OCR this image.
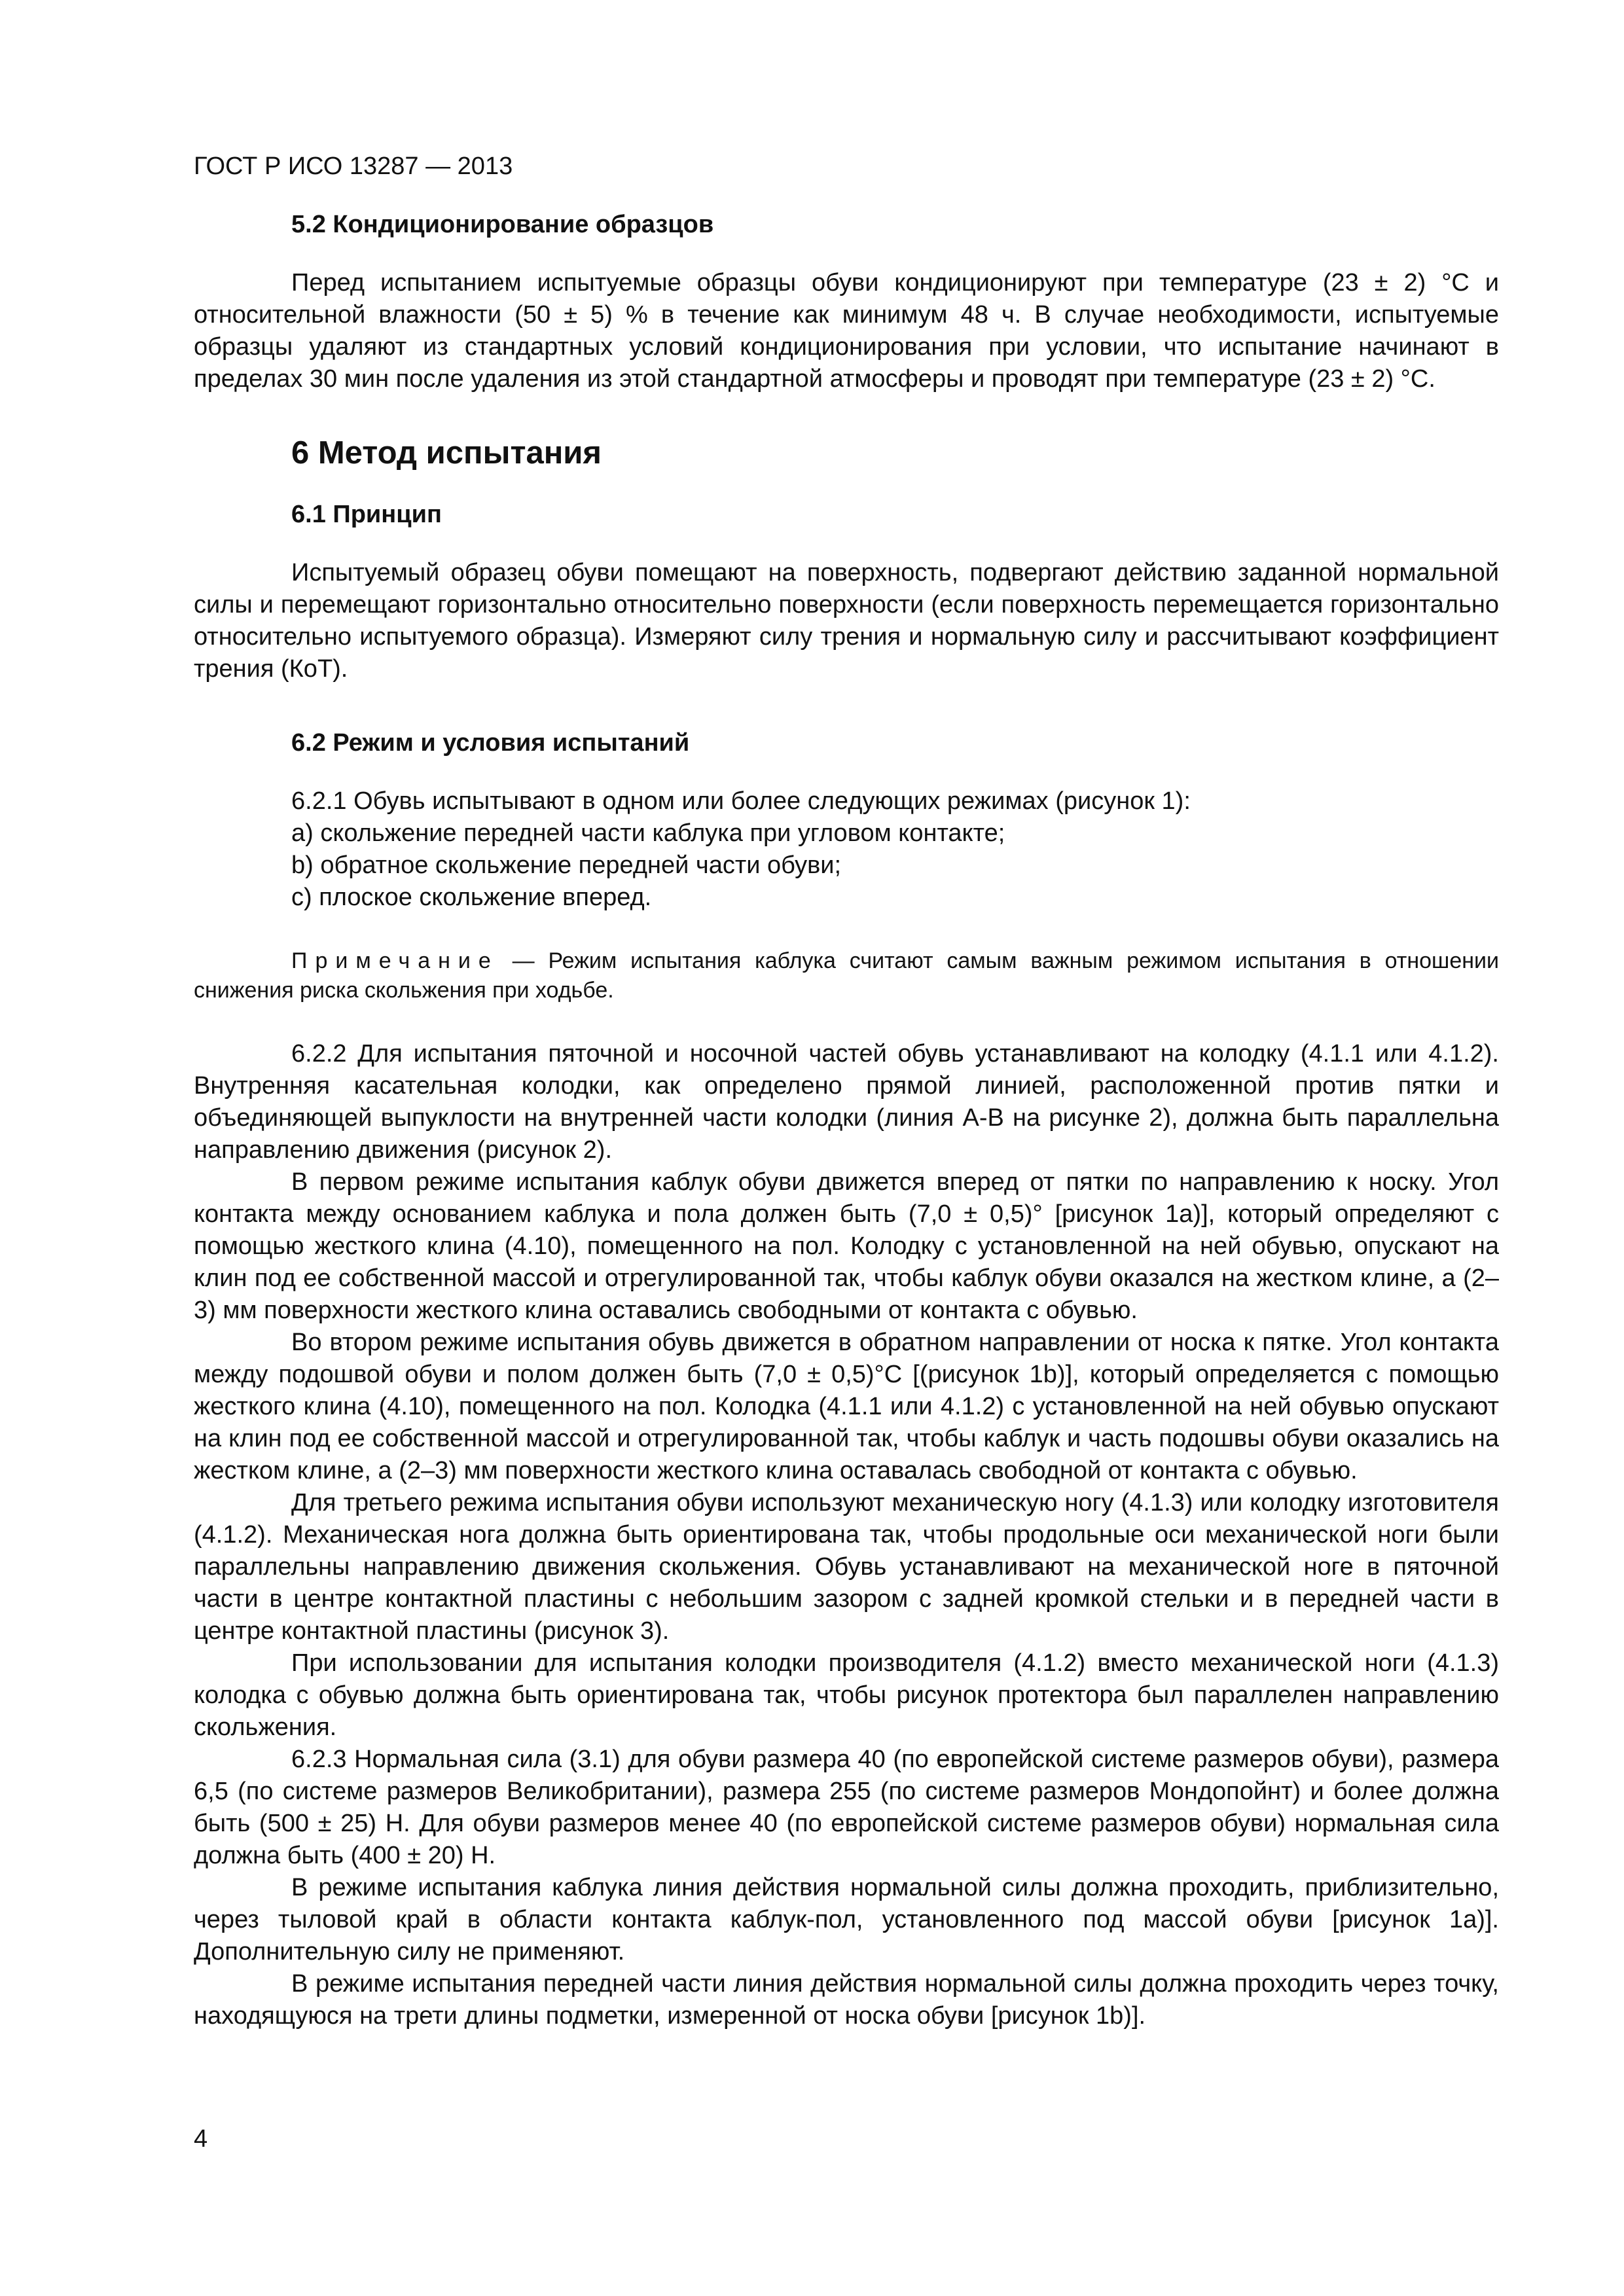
ГОСТ Р ИСО 13287 — 2013
5.2 Кондиционирование образцов

Перед испытанием испытуемые образцы обуви кондиционируют при температуре (23 ± 2) °С и относительной влажности (50 ± 5) % в течение как минимум 48 ч. В случае необходимости, испытуемые образцы удаляют из стандартных условий кондиционирования при условии, что испытание начинают в пределах 30 мин после удаления из этой стандартной атмосферы и проводят при температуре (23 ± 2) °С.

6 Метод испытания
6.1 Принцип

Испытуемый образец обуви помещают на поверхность, подвергают действию заданной нормальной силы и перемещают горизонтально относительно поверхности (если поверхность перемещается горизонтально относительно испытуемого образца). Измеряют силу трения и нормальную силу и рассчитывают коэффициент трения (КоТ).

6.2 Режим и условия испытаний
6.2.1 Обувь испытывают в одном или более следующих режимах (рисунок 1):
а) скольжение передней части каблука при угловом контакте;
b) обратное скольжение передней части обуви;
с) плоское скольжение вперед.
Примечание — Режим испытания каблука считают самым важным режимом испытания в отношении снижения риска скольжения при ходьбе.

6.2.2 Для испытания пяточной и носочной частей обувь устанавливают на колодку (4.1.1 или 4.1.2). Внутренняя касательная колодки, как определено прямой линией, расположенной против пятки и объединяющей выпуклости на внутренней части колодки (линия А-В на рисунке 2), должна быть параллельна направлению движения (рисунок 2).

В первом режиме испытания каблук обуви движется вперед от пятки по направлению к носку. Угол контакта между основанием каблука и пола должен быть (7,0 ± 0,5)° [рисунок 1а)], который определяют с помощью жесткого клина (4.10), помещенного на пол. Колодку с установленной на ней обувью, опускают на клин под ее собственной массой и отрегулированной так, чтобы каблук обуви оказался на жестком клине, а (2–3) мм поверхности жесткого клина оставались свободными от контакта с обувью.

Во втором режиме испытания обувь движется в обратном направлении от носка к пятке. Угол контакта между подошвой обуви и полом должен быть (7,0 ± 0,5)°С [(рисунок 1b)], который определяется с помощью жесткого клина (4.10), помещенного на пол. Колодка (4.1.1 или 4.1.2) с установленной на ней обувью опускают на клин под ее собственной массой и отрегулированной так, чтобы каблук и часть подошвы обуви оказались на жестком клине, а (2–3) мм поверхности жесткого клина оставалась свободной от контакта с обувью.

Для третьего режима испытания обуви используют механическую ногу (4.1.3) или колодку изготовителя (4.1.2). Механическая нога должна быть ориентирована так, чтобы продольные оси механической ноги были параллельны направлению движения скольжения. Обувь устанавливают на механической ноге в пяточной части в центре контактной пластины с небольшим зазором с задней кромкой стельки и в передней части в центре контактной пластины (рисунок 3).

При использовании для испытания колодки производителя (4.1.2) вместо механической ноги (4.1.3) колодка с обувью должна быть ориентирована так, чтобы рисунок протектора был параллелен направлению скольжения.

6.2.3 Нормальная сила (3.1) для обуви размера 40 (по европейской системе размеров обуви), размера 6,5 (по системе размеров Великобритании), размера 255 (по системе размеров Мондопойнт) и более должна быть (500 ± 25) Н. Для обуви размеров менее 40 (по европейской системе размеров обуви) нормальная сила должна быть (400 ± 20) Н.

В режиме испытания каблука линия действия нормальной силы должна проходить, приблизительно, через тыловой край в области контакта каблук-пол, установленного под массой обуви [рисунок 1а)]. Дополнительную силу не применяют.

В режиме испытания передней части линия действия нормальной силы должна проходить через точку, находящуюся на трети длины подметки, измеренной от носка обуви [рисунок 1b)].

4
